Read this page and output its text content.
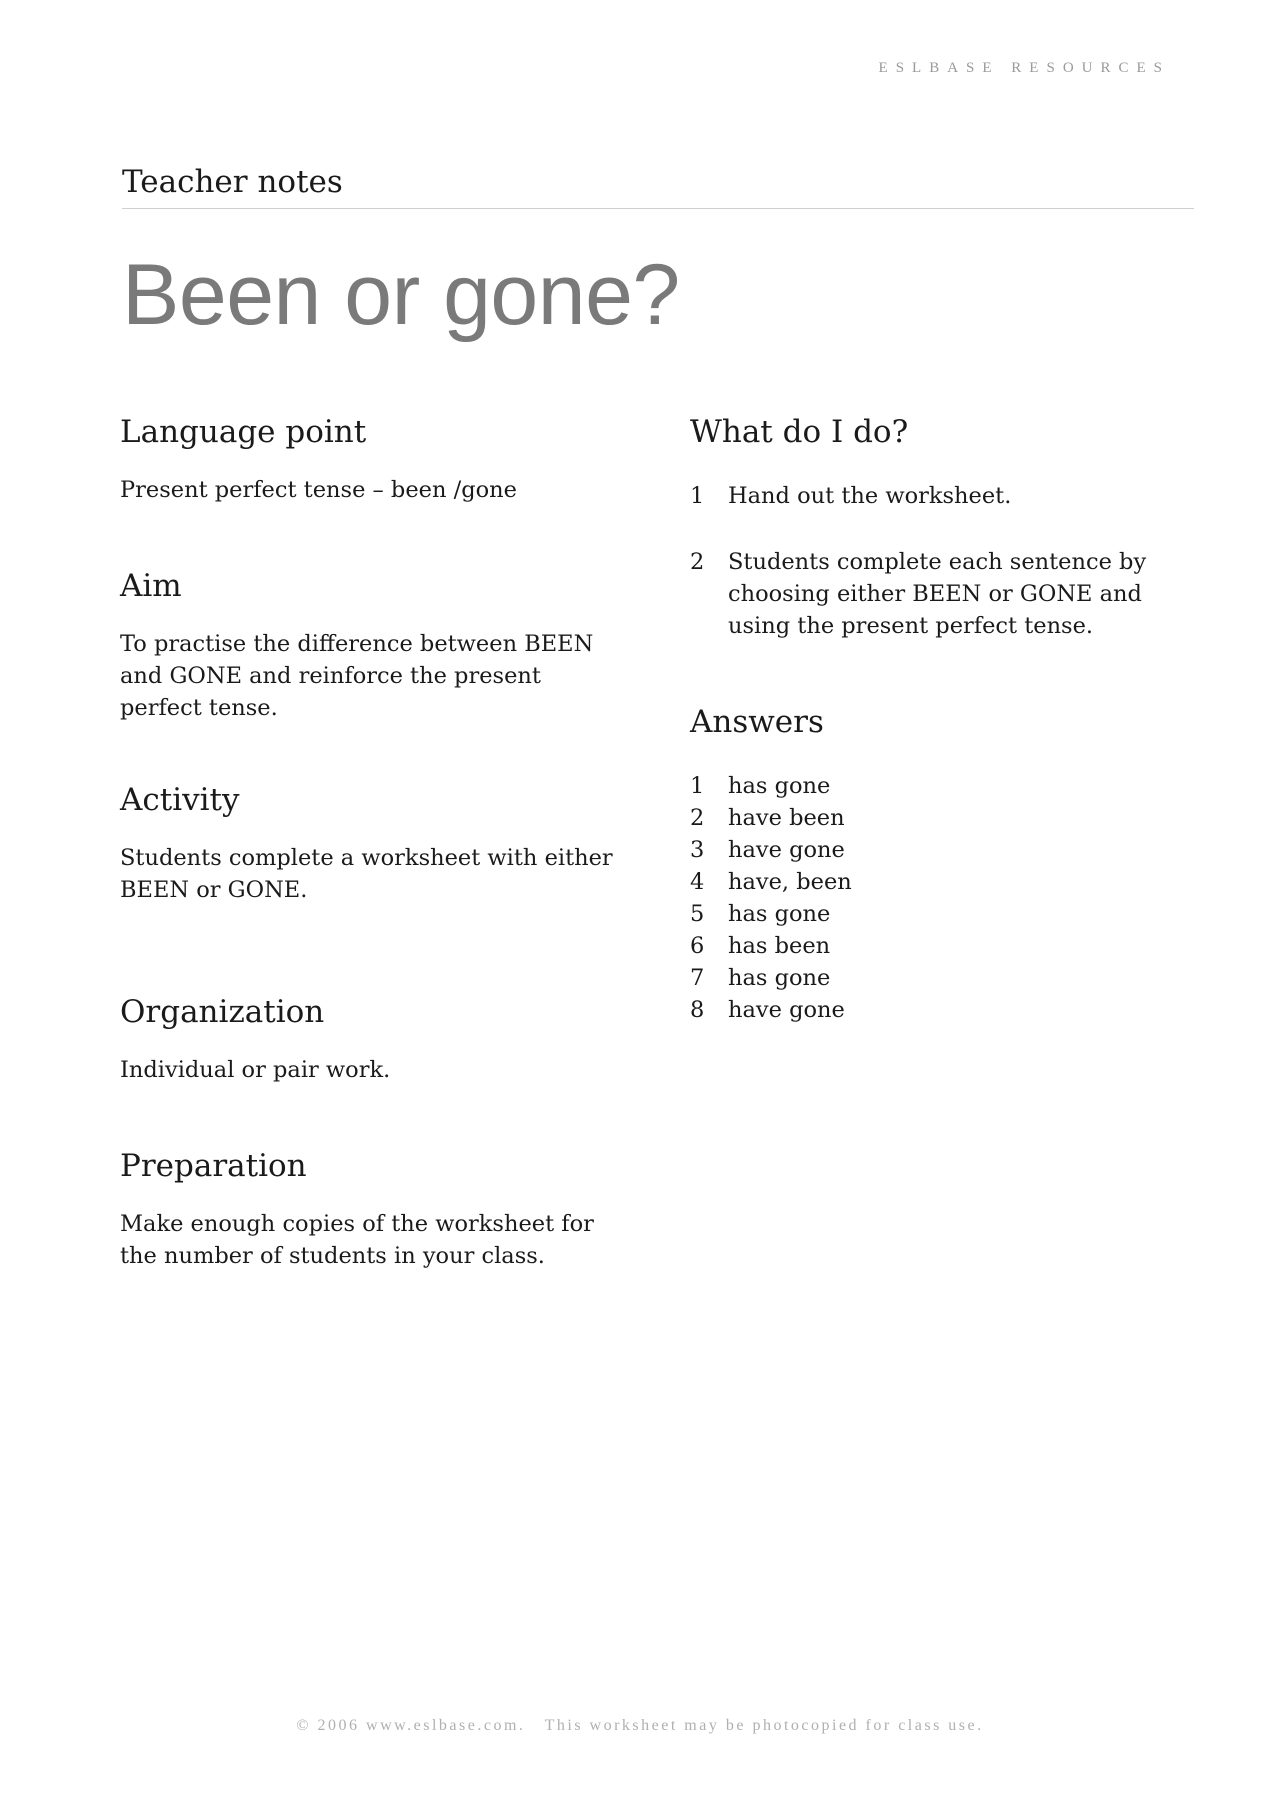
ESLBASE RESOURCES
Teacher notes
Been or gone?
Language point

Present perfect tense – been /gone

Aim

To practise the difference between BEEN and GONE and reinforce the present perfect tense.

Activity

Students complete a worksheet with either BEEN or GONE.

Organization

Individual or pair work.

Preparation

Make enough copies of the worksheet for the number of students in your class.

What do I do?
1	Hand out the worksheet.
2	Students complete each sentence by choosing either BEEN or GONE and using the present perfect tense.
Answers
1	has gone
2	have been
3	have gone
4	have, been
5	has gone
6	has been
7	has gone
8	have gone
© 2006 www.eslbase.com.   This worksheet may be photocopied for class use.
